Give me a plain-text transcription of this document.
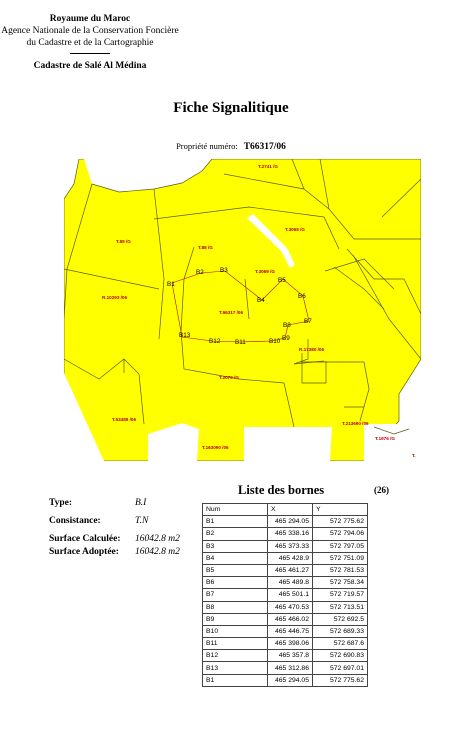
Royaume du Maroc
Agence Nationale de la Conservation Foncière
du Cadastre et de la Cartographie
Cadastre de Salé Al Médina
Fiche Signalitique
Propriété numéro: T66317/06
T.2741 /G
T.3068 /G
T.89 /G
T.88 /G
T.3069 /G
R.10293 /06
T.66317 /06
R.17380 /06
T.2079 /G
T.53489 /06
T.213690 /06
T.1976 /G
T.163090 /06
T.
B1
B2	B3
B4
B5
B6
B7
B8
B9
B10
B11
B12
B13
Type:	B.I
Consistance:	T.N
Surface Calculée: 16042.8 m2
Surface Adoptée: 16042.8 m2
Liste des bornes	(26)
Num	X	Y
B1	465 294.05	572 775.62
B2	465 338.16	572 794.06
B3	465 373.33	572 797.05
B4	465 428.9	572 751.09
B5	465 461.27	572 781.53
B6	465 489.8	572 758.34
B7	465 501.1	572 719.57
B8	465 470.53	572 713.51
B9	465 466.02	572 692.5
B10	465 446.75	572 689.33
B11	465 398.06	572 687.6
B12	465 357.8	572 690.83
B13	465 312.86	572 697.01
B1	465 294.05	572 775.62
